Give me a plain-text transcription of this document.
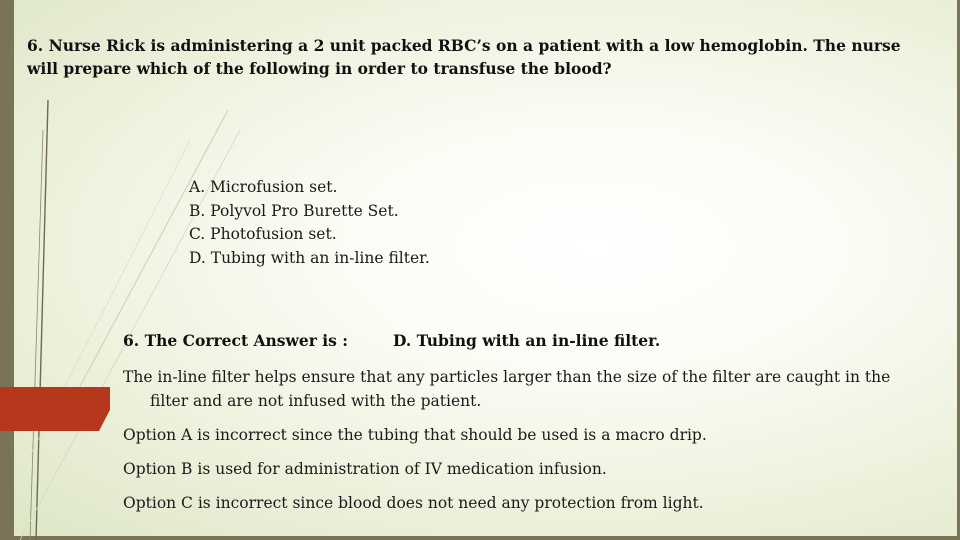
6. Nurse Rick is administering a 2 unit packed RBC’s on a patient with a low hemoglobin. The nurse will prepare which of the following in order to transfuse the blood?

A. Microfusion set.
B. Polyvol Pro Burette Set.
C. Photofusion set.
D. Tubing with an in-line filter.
6. The Correct Answer is :	D. Tubing with an in-line filter.

The in-line filter helps ensure that any particles larger than the size of the filter are caught in the filter and are not infused with the patient.

Option A is incorrect since the tubing that should be used is a macro drip.

Option B is used for administration of IV medication infusion.

Option C is incorrect since blood does not need any protection from light.
